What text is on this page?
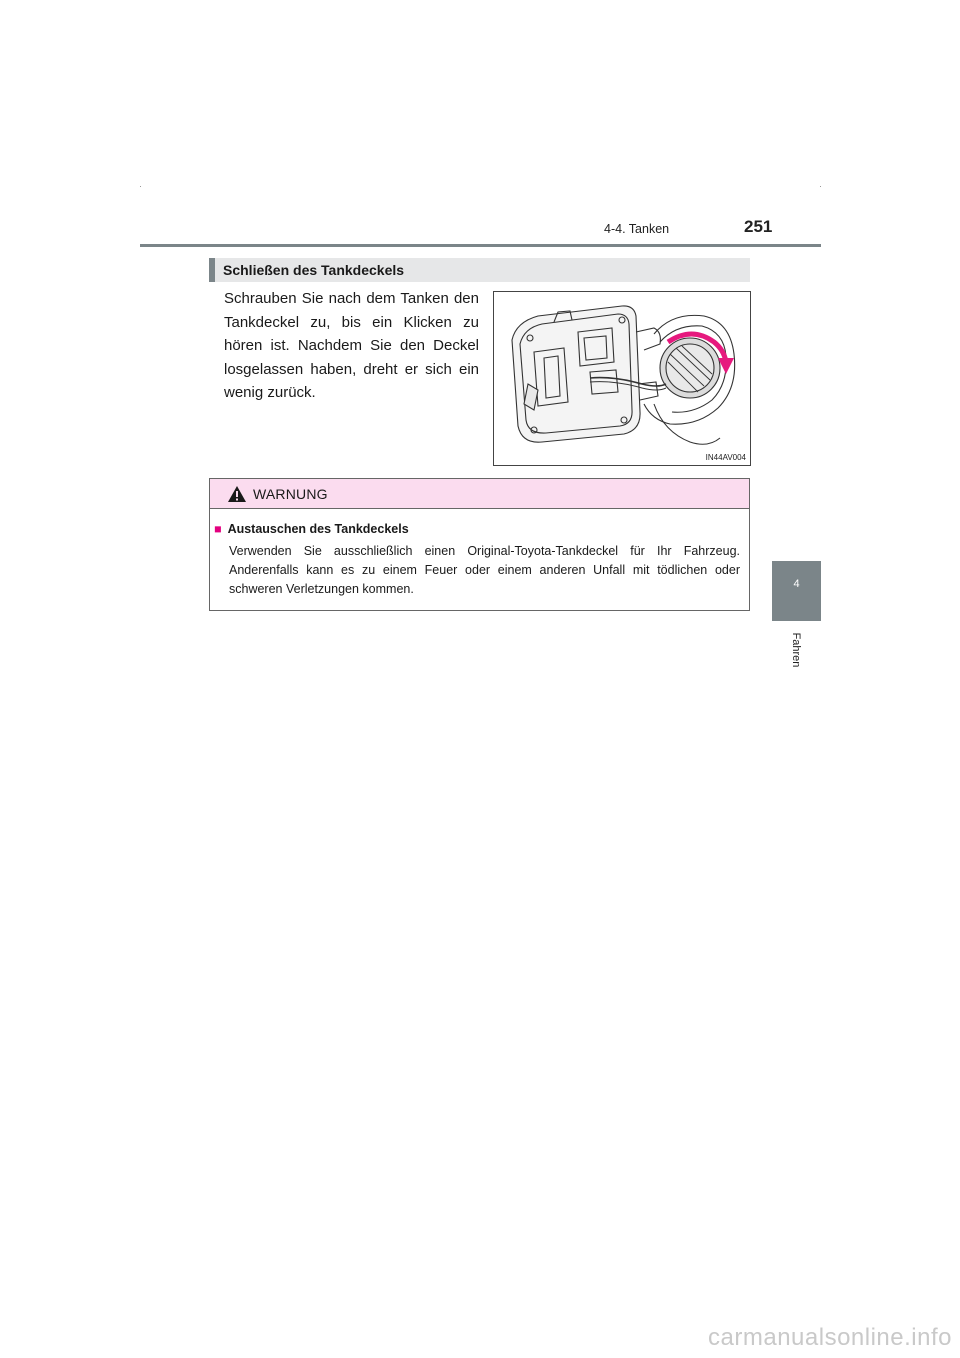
4-4. Tanken	251
4
Fahren
Schließen des Tankdeckels
Schrauben Sie nach dem Tanken den Tankdeckel zu, bis ein Klicken zu hören ist. Nachdem Sie den Deckel losgelassen haben, dreht er sich ein wenig zurück.
IN44AV004
WARNUNG
■ Austauschen des Tankdeckels
Verwenden Sie ausschließlich einen Original-Toyota-Tankdeckel für Ihr Fahrzeug. Anderenfalls kann es zu einem Feuer oder einem anderen Unfall mit tödlichen oder schweren Verletzungen kommen.
carmanualsonline.info
